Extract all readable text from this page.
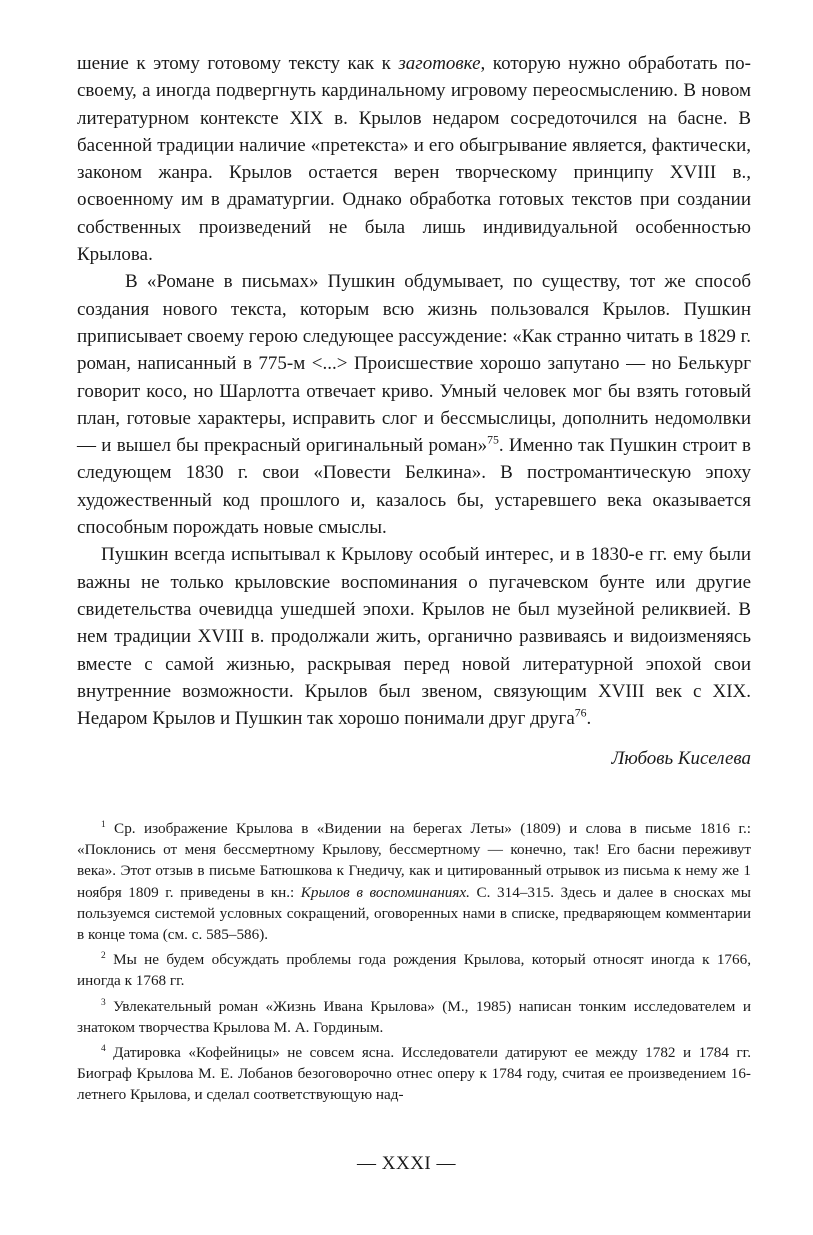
шение к этому готовому тексту как к заготовке, которую нужно обработать по-своему, а иногда подвергнуть кардинальному игровому переосмыслению. В новом литературном контексте XIX в. Крылов недаром сосредоточился на басне. В басенной традиции наличие «претекста» и его обыгрывание является, фактически, законом жанра. Крылов остается верен творческому принципу XVIII в., освоенному им в драматургии. Однако обработка готовых текстов при создании собственных произведений не была лишь индивидуальной особенностью Крылова.

В «Романе в письмах» Пушкин обдумывает, по существу, тот же способ создания нового текста, которым всю жизнь пользовался Крылов. Пушкин приписывает своему герою следующее рассуждение: «Как странно читать в 1829 г. роман, написанный в 775-м <...> Происшествие хорошо запутано — но Белькург говорит косо, но Шарлотта отвечает криво. Умный человек мог бы взять готовый план, готовые характеры, исправить слог и бессмыслицы, дополнить недомолвки — и вышел бы прекрасный оригинальный роман»$^{75}$. Именно так Пушкин строит в следующем 1830 г. свои «Повести Белкина». В постромантическую эпоху художественный код прошлого и, казалось бы, устаревшего века оказывается способным порождать новые смыслы.

Пушкин всегда испытывал к Крылову особый интерес, и в 1830-е гг. ему были важны не только крыловские воспоминания о пугачевском бунте или другие свидетельства очевидца ушедшей эпохи. Крылов не был музейной реликвией. В нем традиции XVIII в. продолжали жить, органично развиваясь и видоизменяясь вместе с самой жизнью, раскрывая перед новой литературной эпохой свои внутренние возможности. Крылов был звеном, связующим XVIII век с XIX. Недаром Крылов и Пушкин так хорошо понимали друг друга$^{76}$.

Любовь Киселева

$^1$ Ср. изображение Крылова в «Видении на берегах Леты» (1809) и слова в письме 1816 г.: «Поклонись от меня бессмертному Крылову, бессмертному — конечно, так! Его басни переживут века». Этот отзыв в письме Батюшкова к Гнедичу, как и цитированный отрывок из письма к нему же 1 ноября 1809 г. приведены в кн.: Крылов в воспоминаниях. С. 314–315. Здесь и далее в сносках мы пользуемся системой условных сокращений, оговоренных нами в списке, предваряющем комментарии в конце тома (см. с. 585–586).

$^2$ Мы не будем обсуждать проблемы года рождения Крылова, который относят иногда к 1766, иногда к 1768 гг.

$^3$ Увлекательный роман «Жизнь Ивана Крылова» (М., 1985) написан тонким исследователем и знатоком творчества Крылова М. А. Гординым.

$^4$ Датировка «Кофейницы» не совсем ясна. Исследователи датируют ее между 1782 и 1784 гг. Биограф Крылова М. Е. Лобанов безоговорочно отнес оперу к 1784 году, считая ее произведением 16-летнего Крылова, и сделал соответствующую над-

— XXXI —
